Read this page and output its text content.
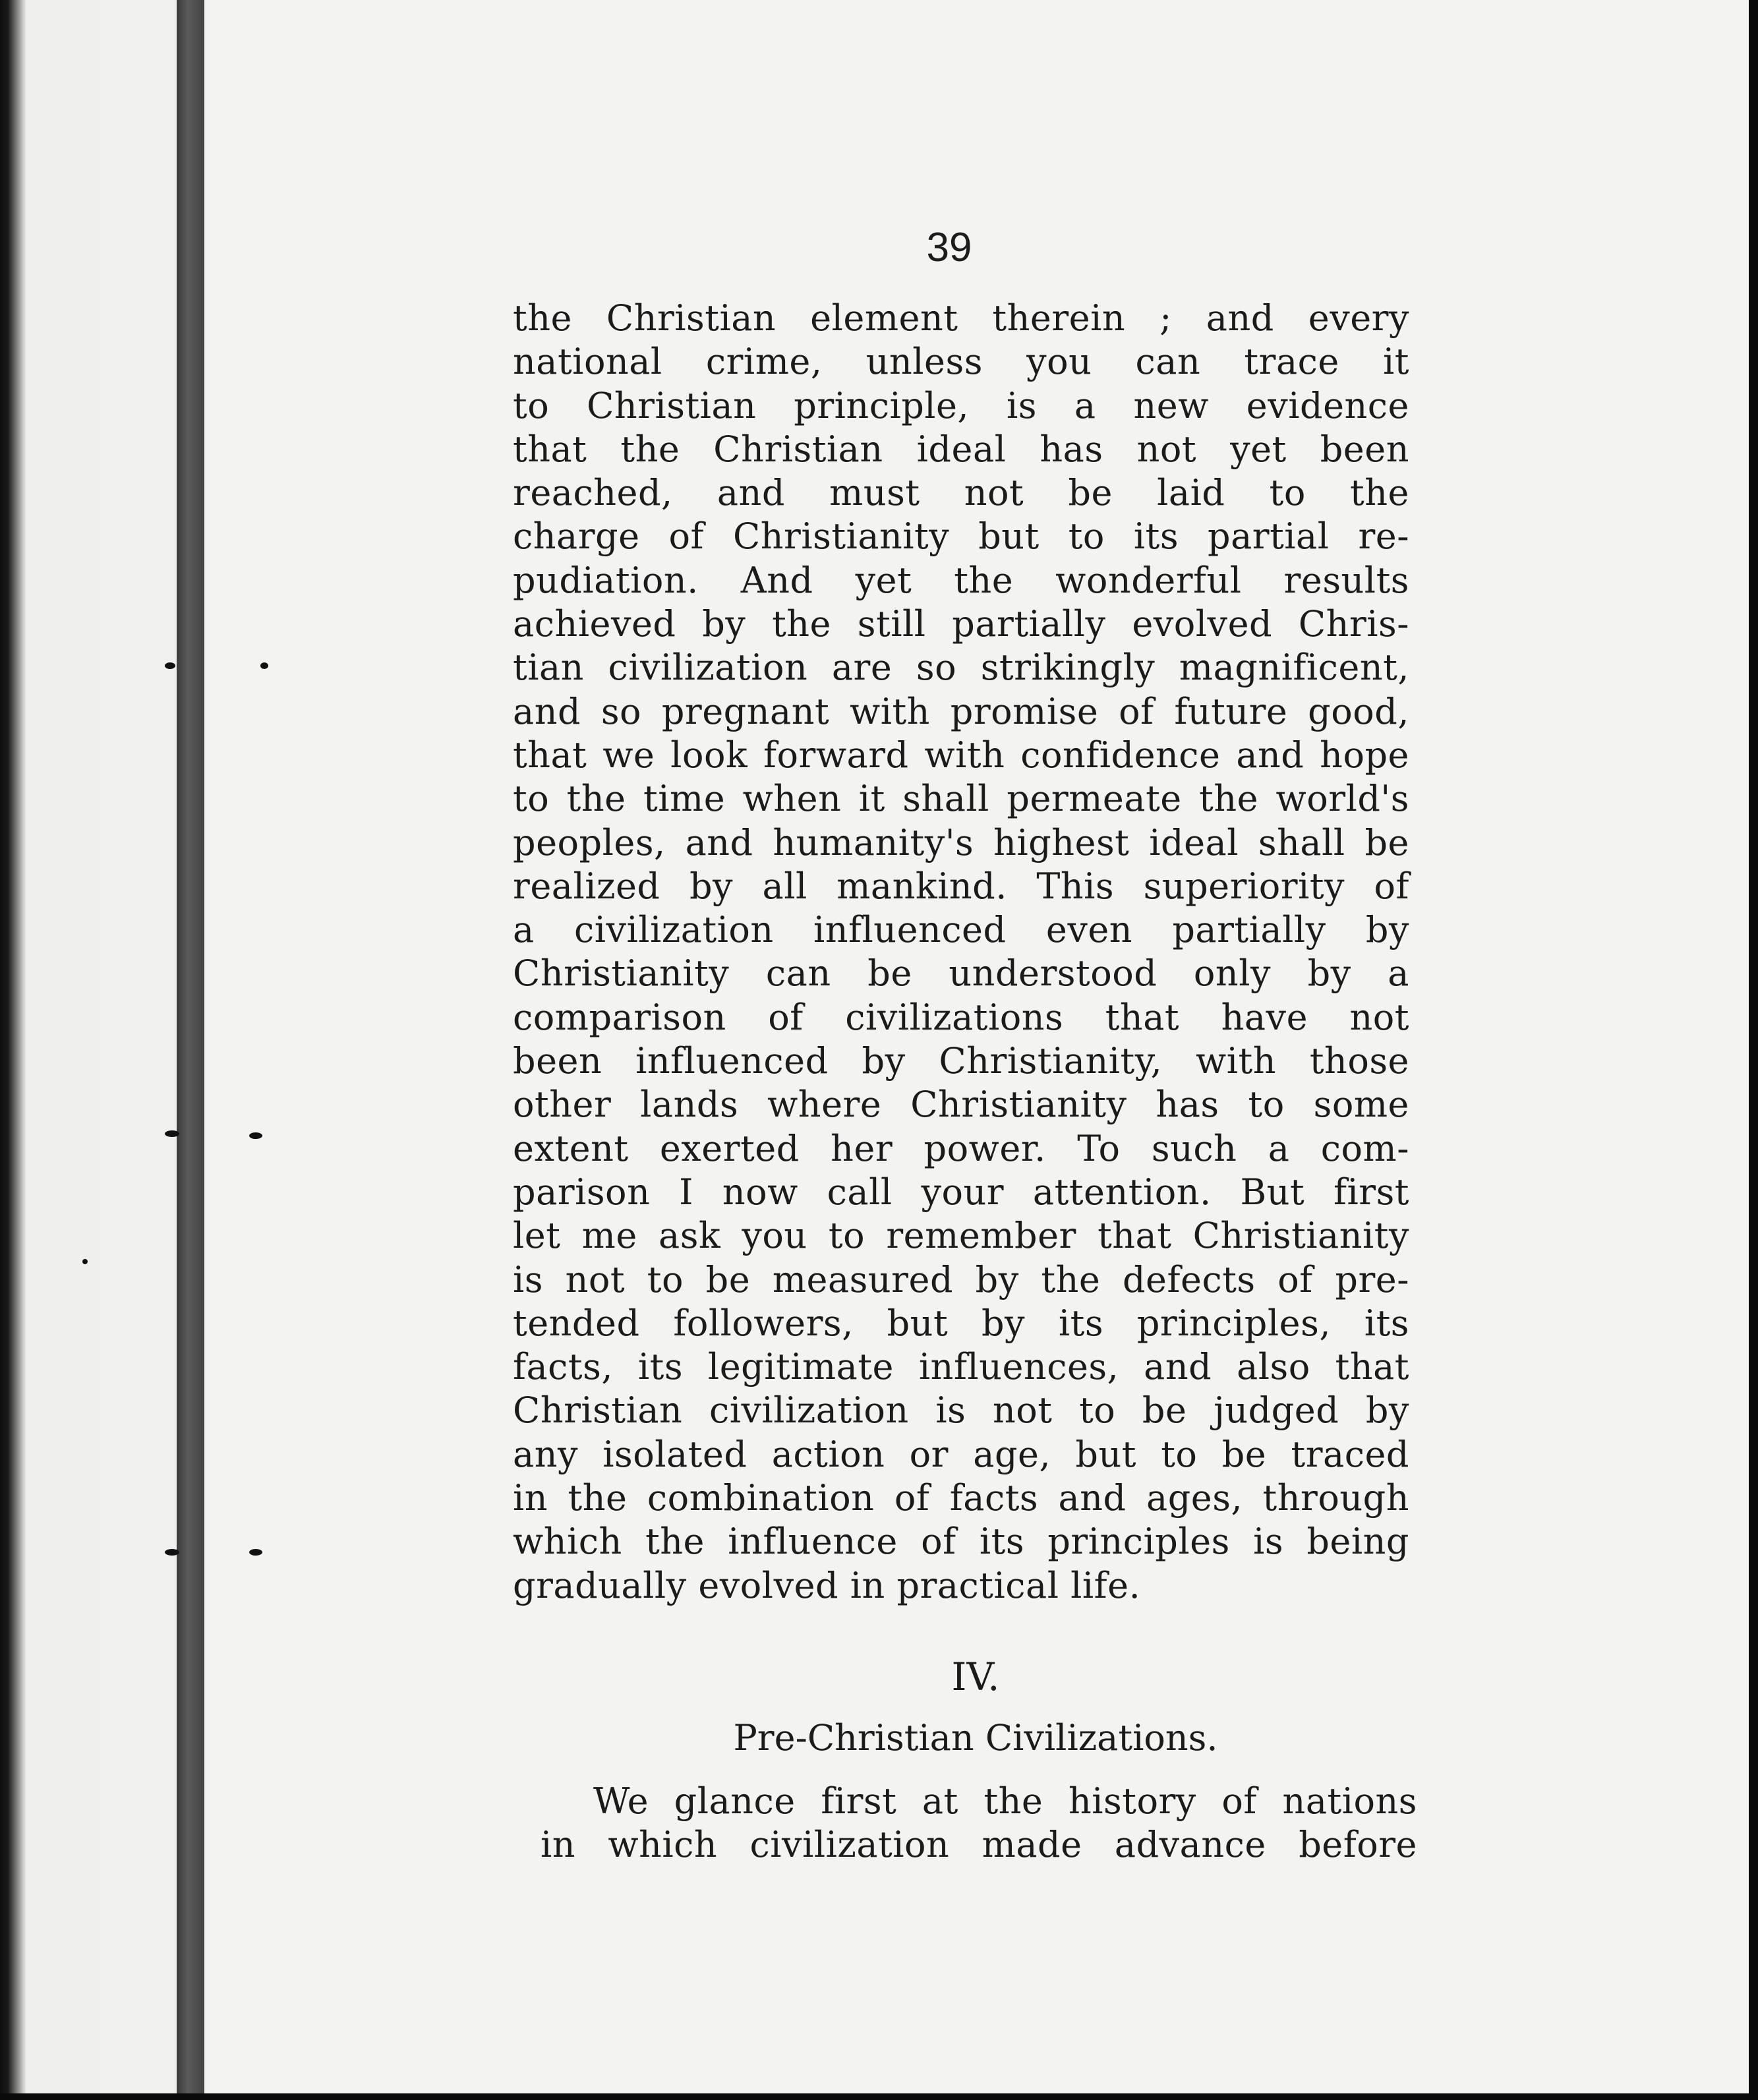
39
the Christian element therein ; and every
national crime, unless you can trace it
to Christian principle, is a new evidence
that the Christian ideal has not yet been
reached, and must not be laid to the
charge of Christianity but to its partial re-
pudiation. And yet the wonderful results
achieved by the still partially evolved Chris-
tian civilization are so strikingly magnificent,
and so pregnant with promise of future good,
that we look forward with confidence and hope
to the time when it shall permeate the world's
peoples, and humanity's highest ideal shall be
realized by all mankind. This superiority of
a civilization influenced even partially by
Christianity can be understood only by a
comparison of civilizations that have not
been influenced by Christianity, with those
other lands where Christianity has to some
extent exerted her power. To such a com-
parison I now call your attention. But first
let me ask you to remember that Christianity
is not to be measured by the defects of pre-
tended followers, but by its principles, its
facts, its legitimate influences, and also that
Christian civilization is not to be judged by
any isolated action or age, but to be traced
in the combination of facts and ages, through
which the influence of its principles is being
gradually evolved in practical life.
IV.
Pre-Christian Civilizations.
We glance first at the history of nations
in which civilization made advance before
